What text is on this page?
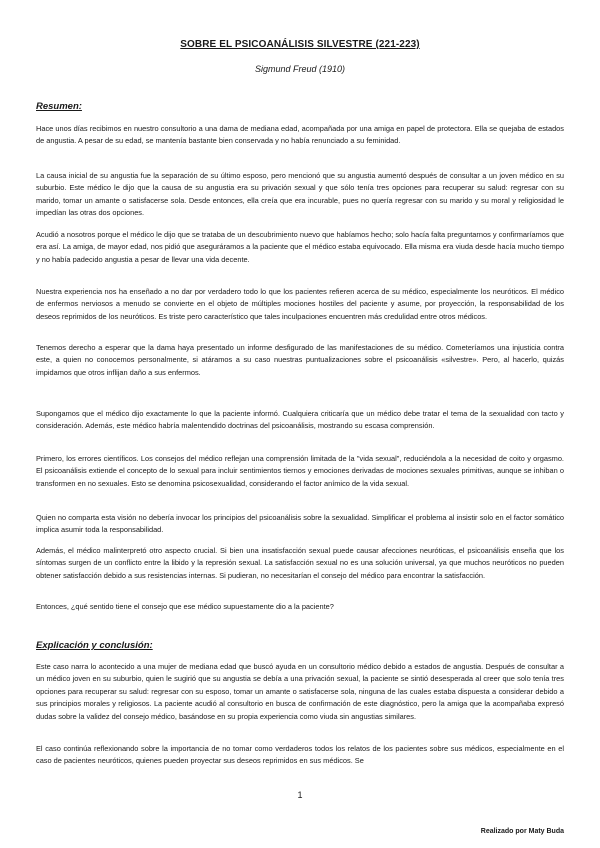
SOBRE EL PSICOANÁLISIS SILVESTRE (221-223)
Sigmund Freud (1910)
Resumen:

Hace unos días recibimos en nuestro consultorio a una dama de mediana edad, acompañada por una amiga en papel de protectora. Ella se quejaba de estados de angustia. A pesar de su edad, se mantenía bastante bien conservada y no había renunciado a su feminidad.

La causa inicial de su angustia fue la separación de su último esposo, pero mencionó que su angustia aumentó después de consultar a un joven médico en su suburbio. Este médico le dijo que la causa de su angustia era su privación sexual y que sólo tenía tres opciones para recuperar su salud: regresar con su marido, tomar un amante o satisfacerse sola. Desde entonces, ella creía que era incurable, pues no quería regresar con su marido y su moral y religiosidad le impedían las otras dos opciones.

Acudió a nosotros porque el médico le dijo que se trataba de un descubrimiento nuevo que habíamos hecho; solo hacía falta preguntarnos y confirmaríamos que era así. La amiga, de mayor edad, nos pidió que aseguráramos a la paciente que el médico estaba equivocado. Ella misma era viuda desde hacía mucho tiempo y no había padecido angustia a pesar de llevar una vida decente.

Nuestra experiencia nos ha enseñado a no dar por verdadero todo lo que los pacientes refieren acerca de su médico, especialmente los neuróticos. El médico de enfermos nerviosos a menudo se convierte en el objeto de múltiples mociones hostiles del paciente y asume, por proyección, la responsabilidad de los deseos reprimidos de los neuróticos. Es triste pero característico que tales inculpaciones encuentren más credulidad entre otros médicos.

Tenemos derecho a esperar que la dama haya presentado un informe desfigurado de las manifestaciones de su médico. Cometeríamos una injusticia contra este, a quien no conocemos personalmente, si atáramos a su caso nuestras puntualizaciones sobre el psicoanálisis «silvestre». Pero, al hacerlo, quizás impidamos que otros inflijan daño a sus enfermos.

Supongamos que el médico dijo exactamente lo que la paciente informó. Cualquiera criticaría que un médico debe tratar el tema de la sexualidad con tacto y consideración. Además, este médico habría malentendido doctrinas del psicoanálisis, mostrando su escasa comprensión.

Primero, los errores científicos. Los consejos del médico reflejan una comprensión limitada de la "vida sexual", reduciéndola a la necesidad de coito y orgasmo. El psicoanálisis extiende el concepto de lo sexual para incluir sentimientos tiernos y emociones derivadas de mociones sexuales primitivas, aunque se inhiban o transformen en no sexuales. Esto se denomina psicosexualidad, considerando el factor anímico de la vida sexual.

Quien no comparta esta visión no debería invocar los principios del psicoanálisis sobre la sexualidad. Simplificar el problema al insistir solo en el factor somático implica asumir toda la responsabilidad.

Además, el médico malinterpretó otro aspecto crucial. Si bien una insatisfacción sexual puede causar afecciones neuróticas, el psicoanálisis enseña que los síntomas surgen de un conflicto entre la libido y la represión sexual. La satisfacción sexual no es una solución universal, ya que muchos neuróticos no pueden obtener satisfacción debido a sus resistencias internas. Si pudieran, no necesitarían el consejo del médico para encontrar la satisfacción.

Entonces, ¿qué sentido tiene el consejo que ese médico supuestamente dio a la paciente?

Explicación y conclusión:

Este caso narra lo acontecido a una mujer de mediana edad que buscó ayuda en un consultorio médico debido a estados de angustia. Después de consultar a un médico joven en su suburbio, quien le sugirió que su angustia se debía a una privación sexual, la paciente se sintió desesperada al creer que solo tenía tres opciones para recuperar su salud: regresar con su esposo, tomar un amante o satisfacerse sola, ninguna de las cuales estaba dispuesta a considerar debido a sus principios morales y religiosos. La paciente acudió al consultorio en busca de confirmación de este diagnóstico, pero la amiga que la acompañaba expresó dudas sobre la validez del consejo médico, basándose en su propia experiencia como viuda sin angustias similares.

El caso continúa reflexionando sobre la importancia de no tomar como verdaderos todos los relatos de los pacientes sobre sus médicos, especialmente en el caso de pacientes neuróticos, quienes pueden proyectar sus deseos reprimidos en sus médicos. Se

1
Realizado por Maty Buda
